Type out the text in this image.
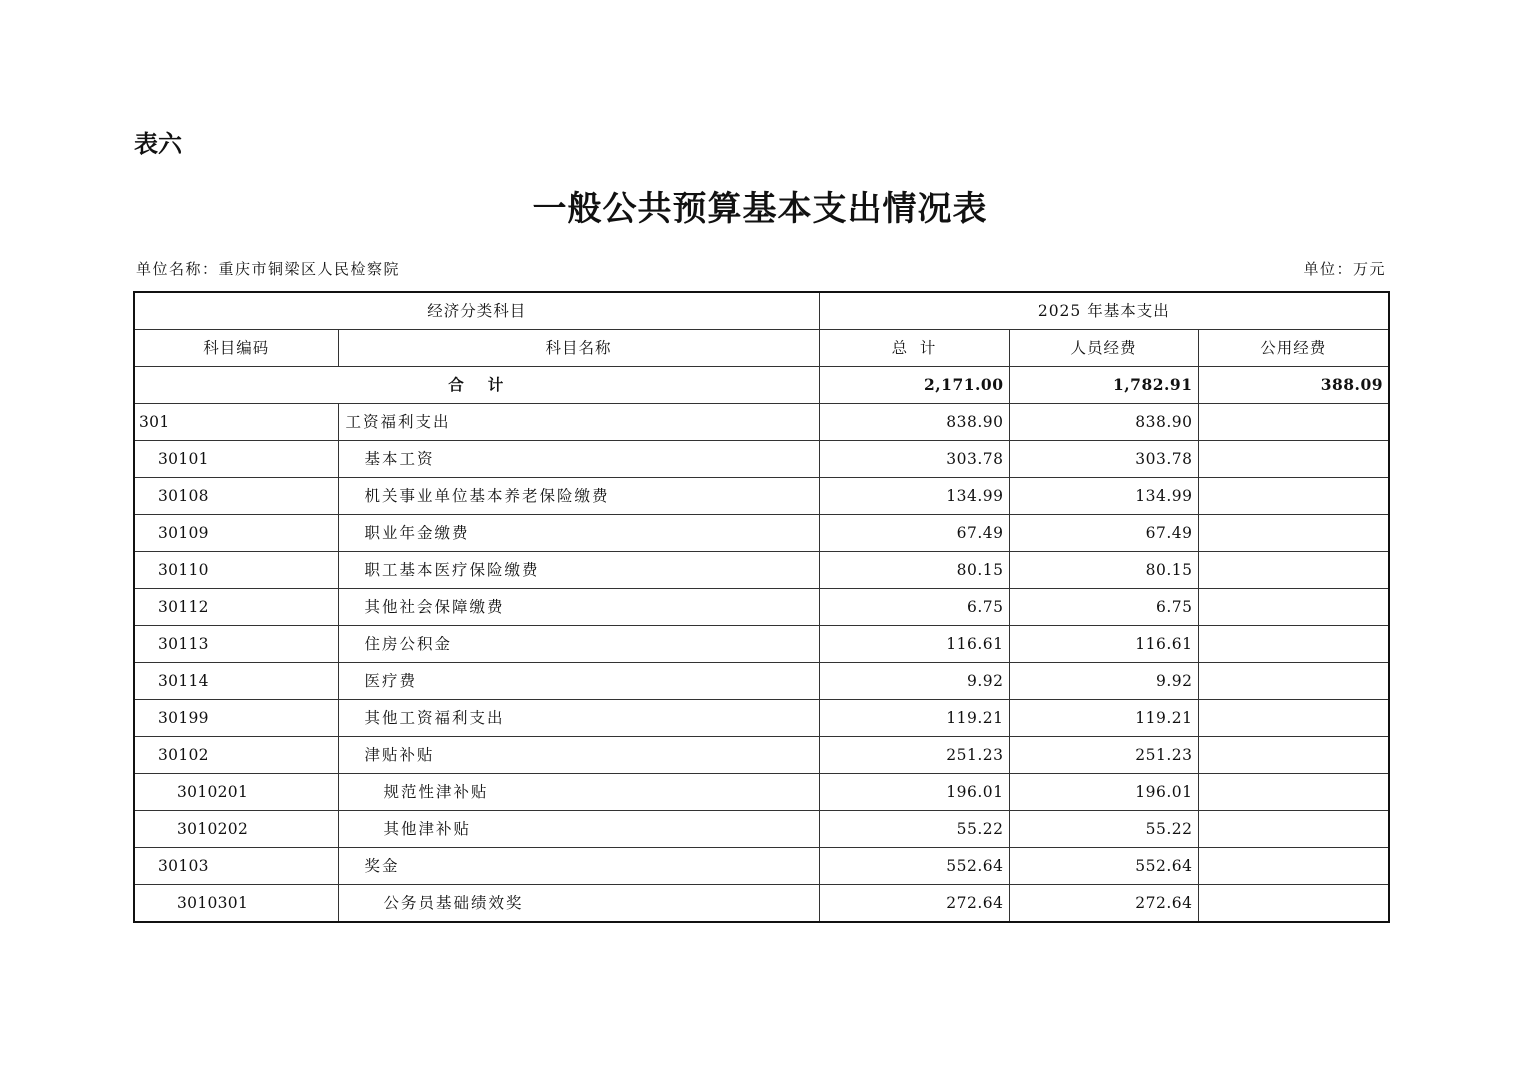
表六
一般公共预算基本支出情况表
单位名称：重庆市铜梁区人民检察院	单位：万元
经济分类科目		2025 年基本支出		
科目编码	科目名称	总  计	人员经费	公用经费
合 计		2,171.00	1,782.91	388.09
301	工资福利支出	838.90	838.90	
30101	基本工资	303.78	303.78	
30108	机关事业单位基本养老保险缴费	134.99	134.99	
30109	职业年金缴费	67.49	67.49	
30110	职工基本医疗保险缴费	80.15	80.15	
30112	其他社会保障缴费	6.75	6.75	
30113	住房公积金	116.61	116.61	
30114	医疗费	9.92	9.92	
30199	其他工资福利支出	119.21	119.21	
30102	津贴补贴	251.23	251.23	
3010201	规范性津补贴	196.01	196.01	
3010202	其他津补贴	55.22	55.22	
30103	奖金	552.64	552.64	
3010301	公务员基础绩效奖	272.64	272.64	
